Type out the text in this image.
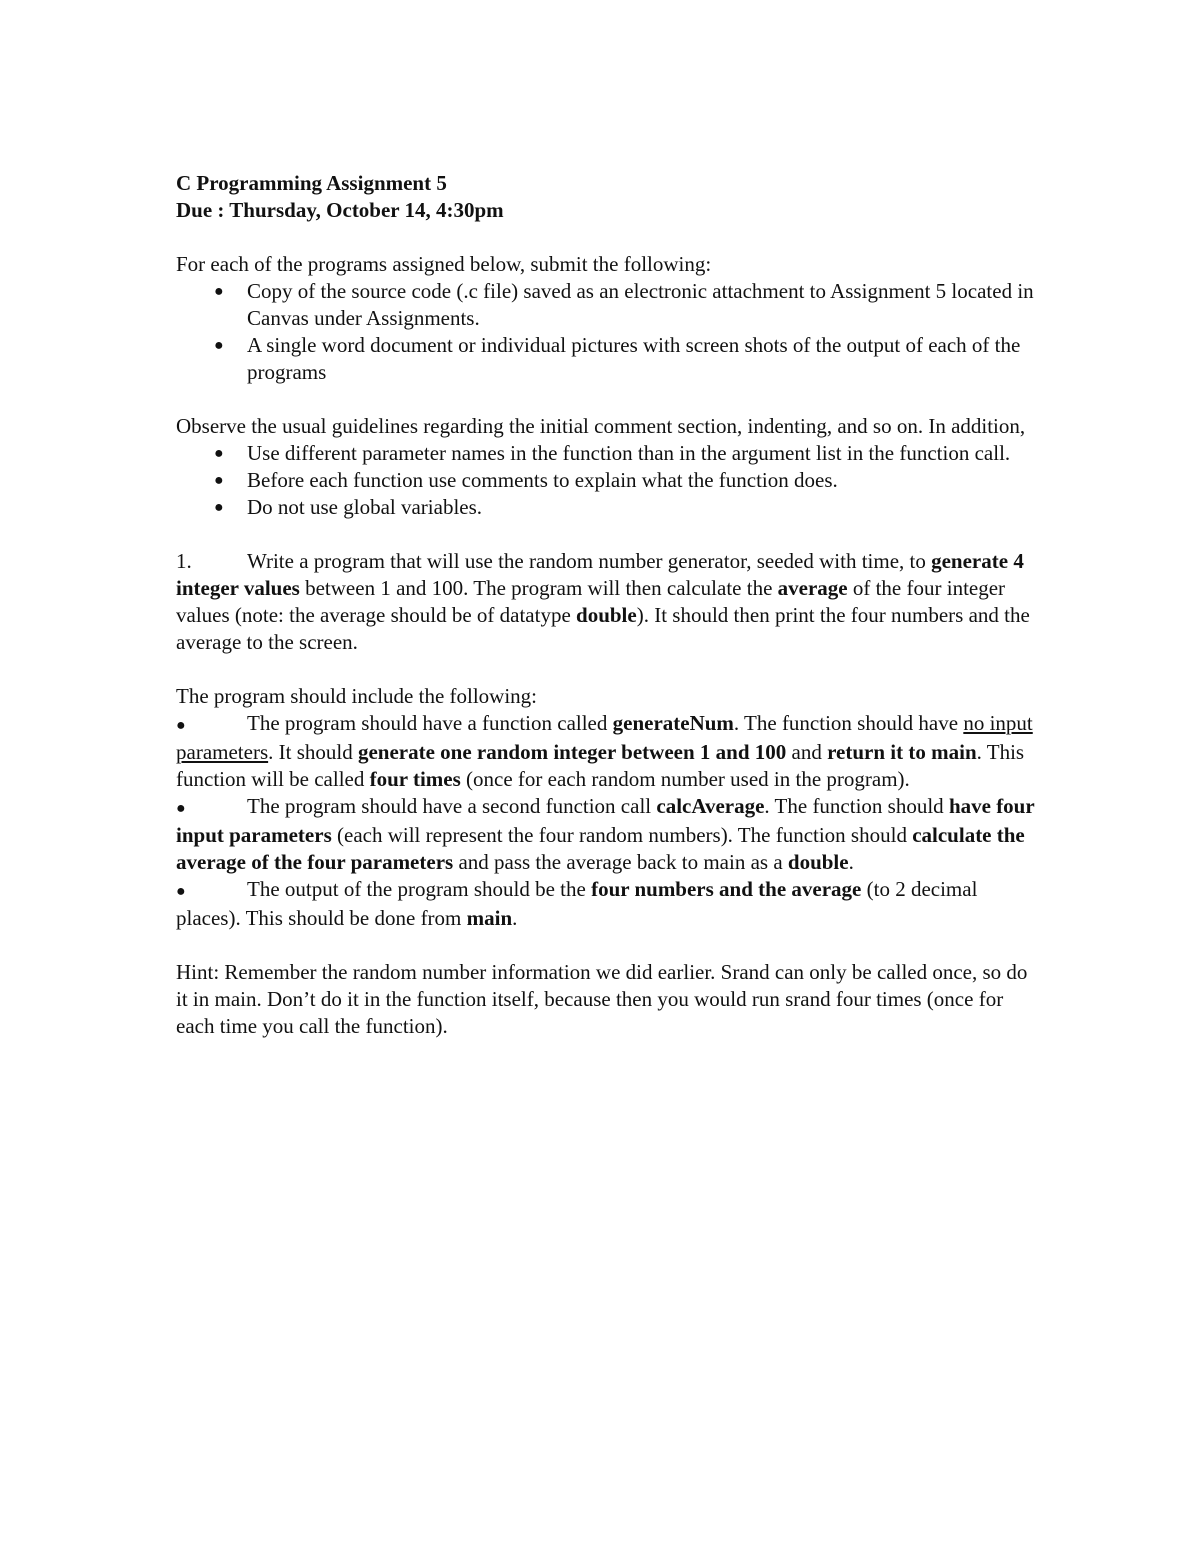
C Programming Assignment 5

Due : Thursday, October 14, 4:30pm

For each of the programs assigned below, submit the following:

● Copy of the source code (.c file) saved as an electronic attachment to Assignment 5 located in Canvas under Assignments.
● A single word document or individual pictures with screen shots of the output of each of the programs

Observe the usual guidelines regarding the initial comment section, indenting, and so on. In addition,

● Use different parameter names in the function than in the argument list in the function call.
● Before each function use comments to explain what the function does.
● Do not use global variables.

1.	Write a program that will use the random number generator, seeded with time, to generate 4 integer values between 1 and 100. The program will then calculate the average of the four integer values (note: the average should be of datatype double). It should then print the four numbers and the average to the screen.

The program should include the following:

●	The program should have a function called generateNum. The function should have no input parameters. It should generate one random integer between 1 and 100 and return it to main. This function will be called four times (once for each random number used in the program).

●	The program should have a second function call calcAverage. The function should have four input parameters (each will represent the four random numbers). The function should calculate the average of the four parameters and pass the average back to main as a double.

●	The output of the program should be the four numbers and the average (to 2 decimal places). This should be done from main.

Hint: Remember the random number information we did earlier. Srand can only be called once, so do it in main. Don’t do it in the function itself, because then you would run srand four times (once for each time you call the function).
